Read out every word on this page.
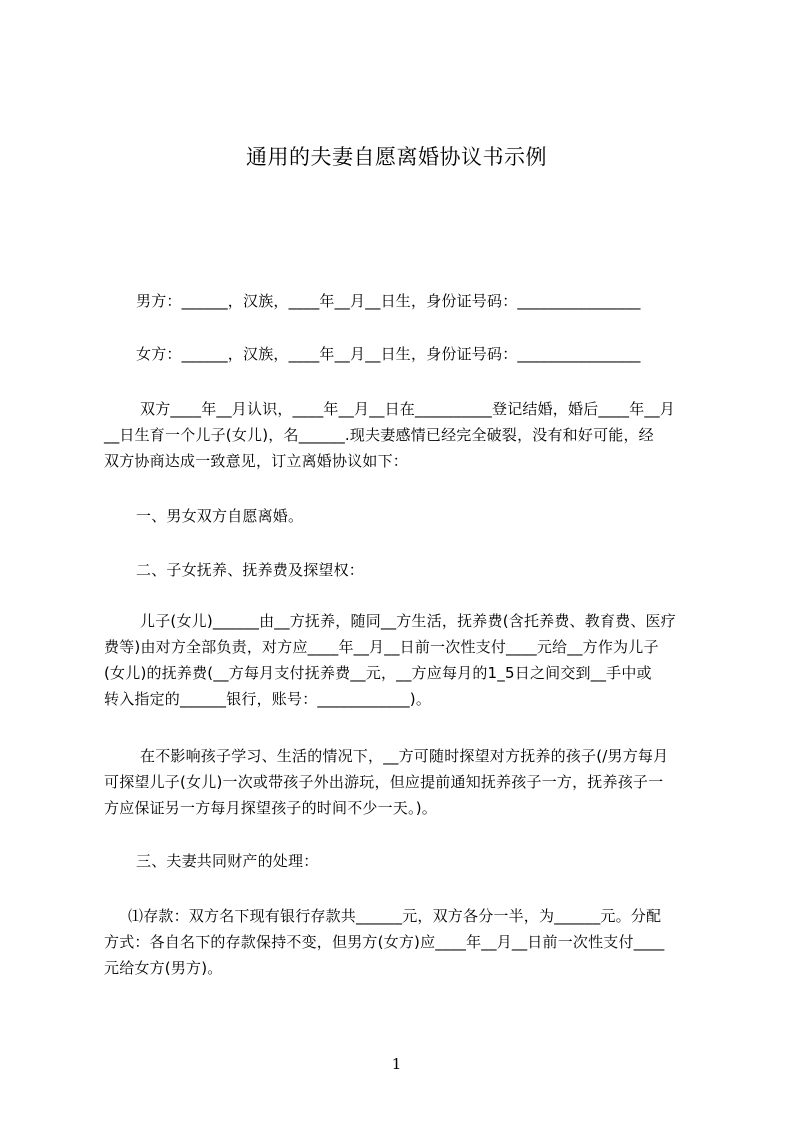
通用的夫妻自愿离婚协议书示例
男方：______，汉族，____年__月__日生，身份证号码：________________
女方：______，汉族，____年__月__日生，身份证号码：________________
双方____年__月认识，____年__月__日在__________登记结婚，婚后____年__月
__日生育一个儿子(女儿)，名______.现夫妻感情已经完全破裂，没有和好可能，经
双方协商达成一致意见，订立离婚协议如下：
一、男女双方自愿离婚。
二、子女抚养、抚养费及探望权：
儿子(女儿)______由__方抚养，随同__方生活，抚养费(含托养费、教育费、医疗
费等)由对方全部负责，对方应____年__月__日前一次性支付____元给__方作为儿子
(女儿)的抚养费(__方每月支付抚养费__元，__方应每月的1_5日之间交到__手中或
转入指定的______银行，账号：____________)。
在不影响孩子学习、生活的情况下，__方可随时探望对方抚养的孩子(/男方每月
可探望儿子(女儿)一次或带孩子外出游玩，但应提前通知抚养孩子一方，抚养孩子一
方应保证另一方每月探望孩子的时间不少一天。)。
三、夫妻共同财产的处理：
⑴存款：双方名下现有银行存款共______元，双方各分一半，为______元。分配
方式：各自名下的存款保持不变，但男方(女方)应____年__月__日前一次性支付____
元给女方(男方)。
1
